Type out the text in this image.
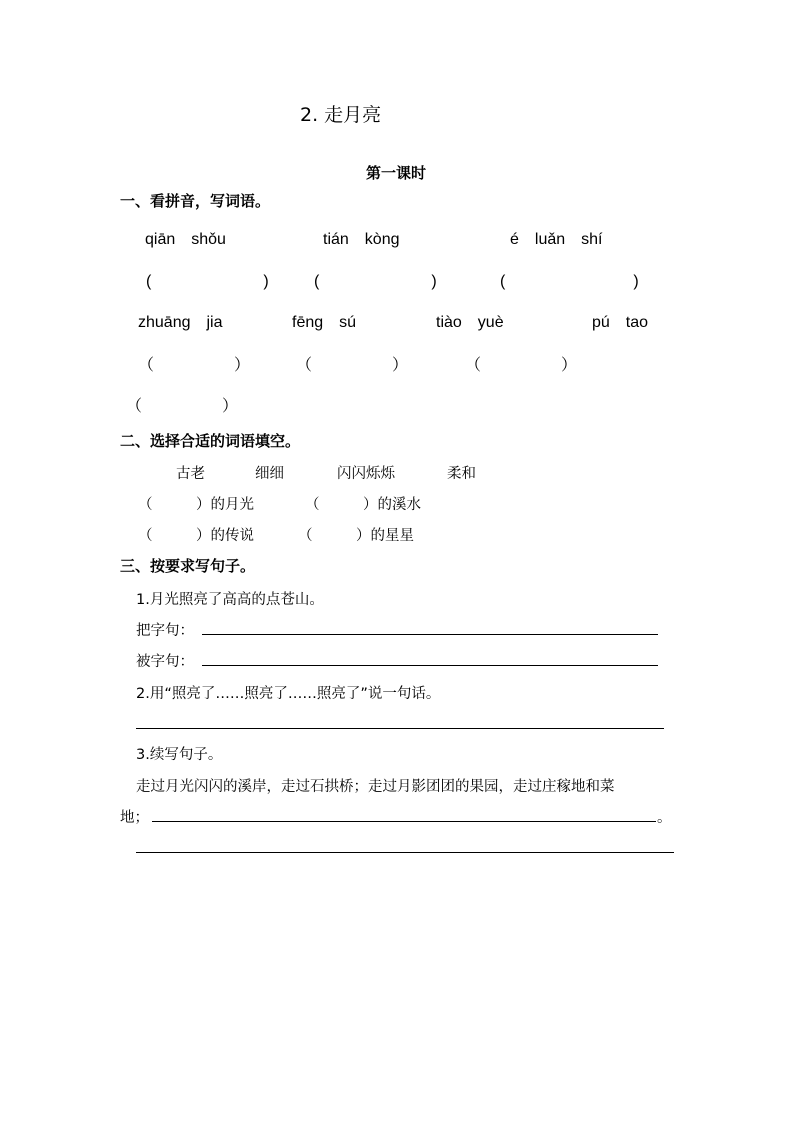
2. 走月亮
第一课时
一、看拼音，写词语。
qiān　shǒu	tián　kòng	é　luǎn　shí
(　　　　　　　)	(　　　　　　　)	(　　　　　　　　)
zhuāng　jia	fēng　sú	tiào　yuè	pú　tao
（　　　　　）	（　　　　　）	（　　　　　）
（　　　　　）
二、选择合适的词语填空。
古老	细细	闪闪烁烁	柔和
（　　　）的月光	（　　　）的溪水
（　　　）的传说	（　　　）的星星
三、按要求写句子。
1.月光照亮了高高的点苍山。
把字句：
被字句：
2.用“照亮了……照亮了……照亮了”说一句话。
3.续写句子。
走过月光闪闪的溪岸，走过石拱桥；走过月影团团的果园，走过庄稼地和菜
地；	。
